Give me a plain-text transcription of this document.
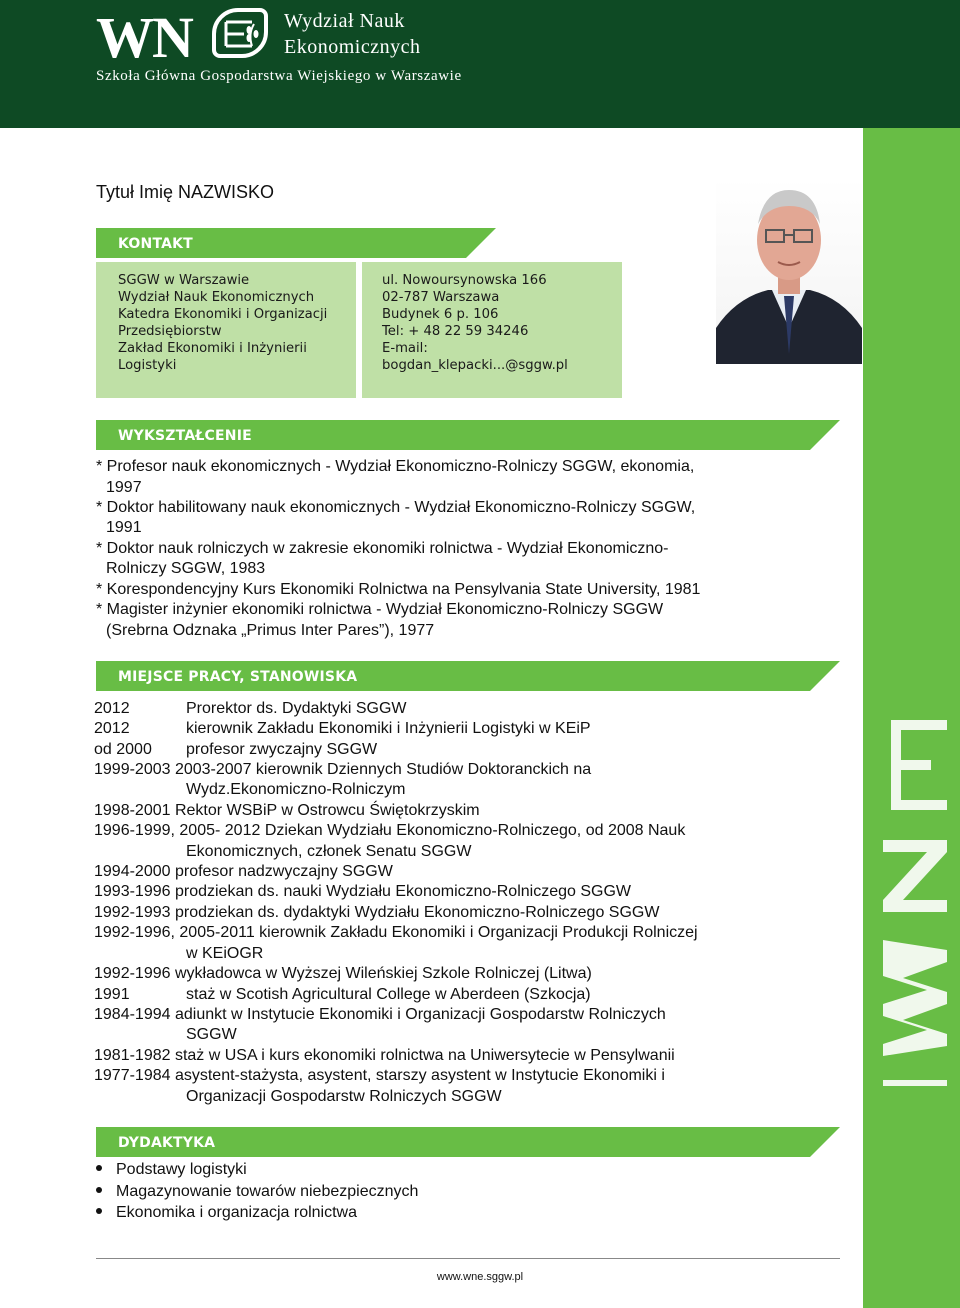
WN	Wydział Nauk
Ekonomicznych
Szkoła Główna Gospodarstwa Wiejskiego w Warszawie
Tytuł Imię NAZWISKO
KONTAKT
SGGW w Warszawie
Wydział Nauk Ekonomicznych
Katedra Ekonomiki i Organizacji
Przedsiębiorstw
Zakład Ekonomiki i Inżynierii
Logistyki
ul. Nowoursynowska 166
02-787 Warszawa
Budynek 6 p. 106
Tel: + 48 22 59 34246
E-mail:
bogdan_klepacki...@sggw.pl
WYKSZTAŁCENIE
* Profesor nauk ekonomicznych - Wydział Ekonomiczno-Rolniczy SGGW, ekonomia,
1997
* Doktor habilitowany nauk ekonomicznych - Wydział Ekonomiczno-Rolniczy SGGW,
1991
* Doktor nauk rolniczych w zakresie ekonomiki rolnictwa - Wydział Ekonomiczno-
Rolniczy SGGW, 1983
* Korespondencyjny Kurs Ekonomiki Rolnictwa na Pensylvania State University, 1981
* Magister inżynier ekonomiki rolnictwa - Wydział Ekonomiczno-Rolniczy SGGW
(Srebrna Odznaka „Primus Inter Pares”), 1977
MIEJSCE PRACY, STANOWISKA
2012	Prorektor ds. Dydaktyki SGGW
2012	kierownik Zakładu Ekonomiki i Inżynierii Logistyki w KEiP
od 2000 profesor zwyczajny SGGW
1999-2003 2003-2007 kierownik Dziennych Studiów Doktoranckich na
Wydz.Ekonomiczno-Rolniczym
1998-2001 Rektor WSBiP w Ostrowcu Świętokrzyskim
1996-1999, 2005- 2012 Dziekan Wydziału Ekonomiczno-Rolniczego, od 2008 Nauk
Ekonomicznych, członek Senatu SGGW
1994-2000 profesor nadzwyczajny SGGW
1993-1996 prodziekan ds. nauki Wydziału Ekonomiczno-Rolniczego SGGW
1992-1993 prodziekan ds. dydaktyki Wydziału Ekonomiczno-Rolniczego SGGW
1992-1996, 2005-2011 kierownik Zakładu Ekonomiki i Organizacji Produkcji Rolniczej
w KEiOGR
1992-1996 wykładowca w Wyższej Wileńskiej Szkole Rolniczej (Litwa)
1991	staż w Scotish Agricultural College w Aberdeen (Szkocja)
1984-1994 adiunkt w Instytucie Ekonomiki i Organizacji Gospodarstw Rolniczych
SGGW
1981-1982 staż w USA i kurs ekonomiki rolnictwa na Uniwersytecie w Pensylwanii
1977-1984 asystent-stażysta, asystent, starszy asystent w Instytucie Ekonomiki i
Organizacji Gospodarstw Rolniczych SGGW
DYDAKTYKA
Podstawy logistyki
Magazynowanie towarów niebezpiecznych
Ekonomika i organizacja rolnictwa
www.wne.sggw.pl
